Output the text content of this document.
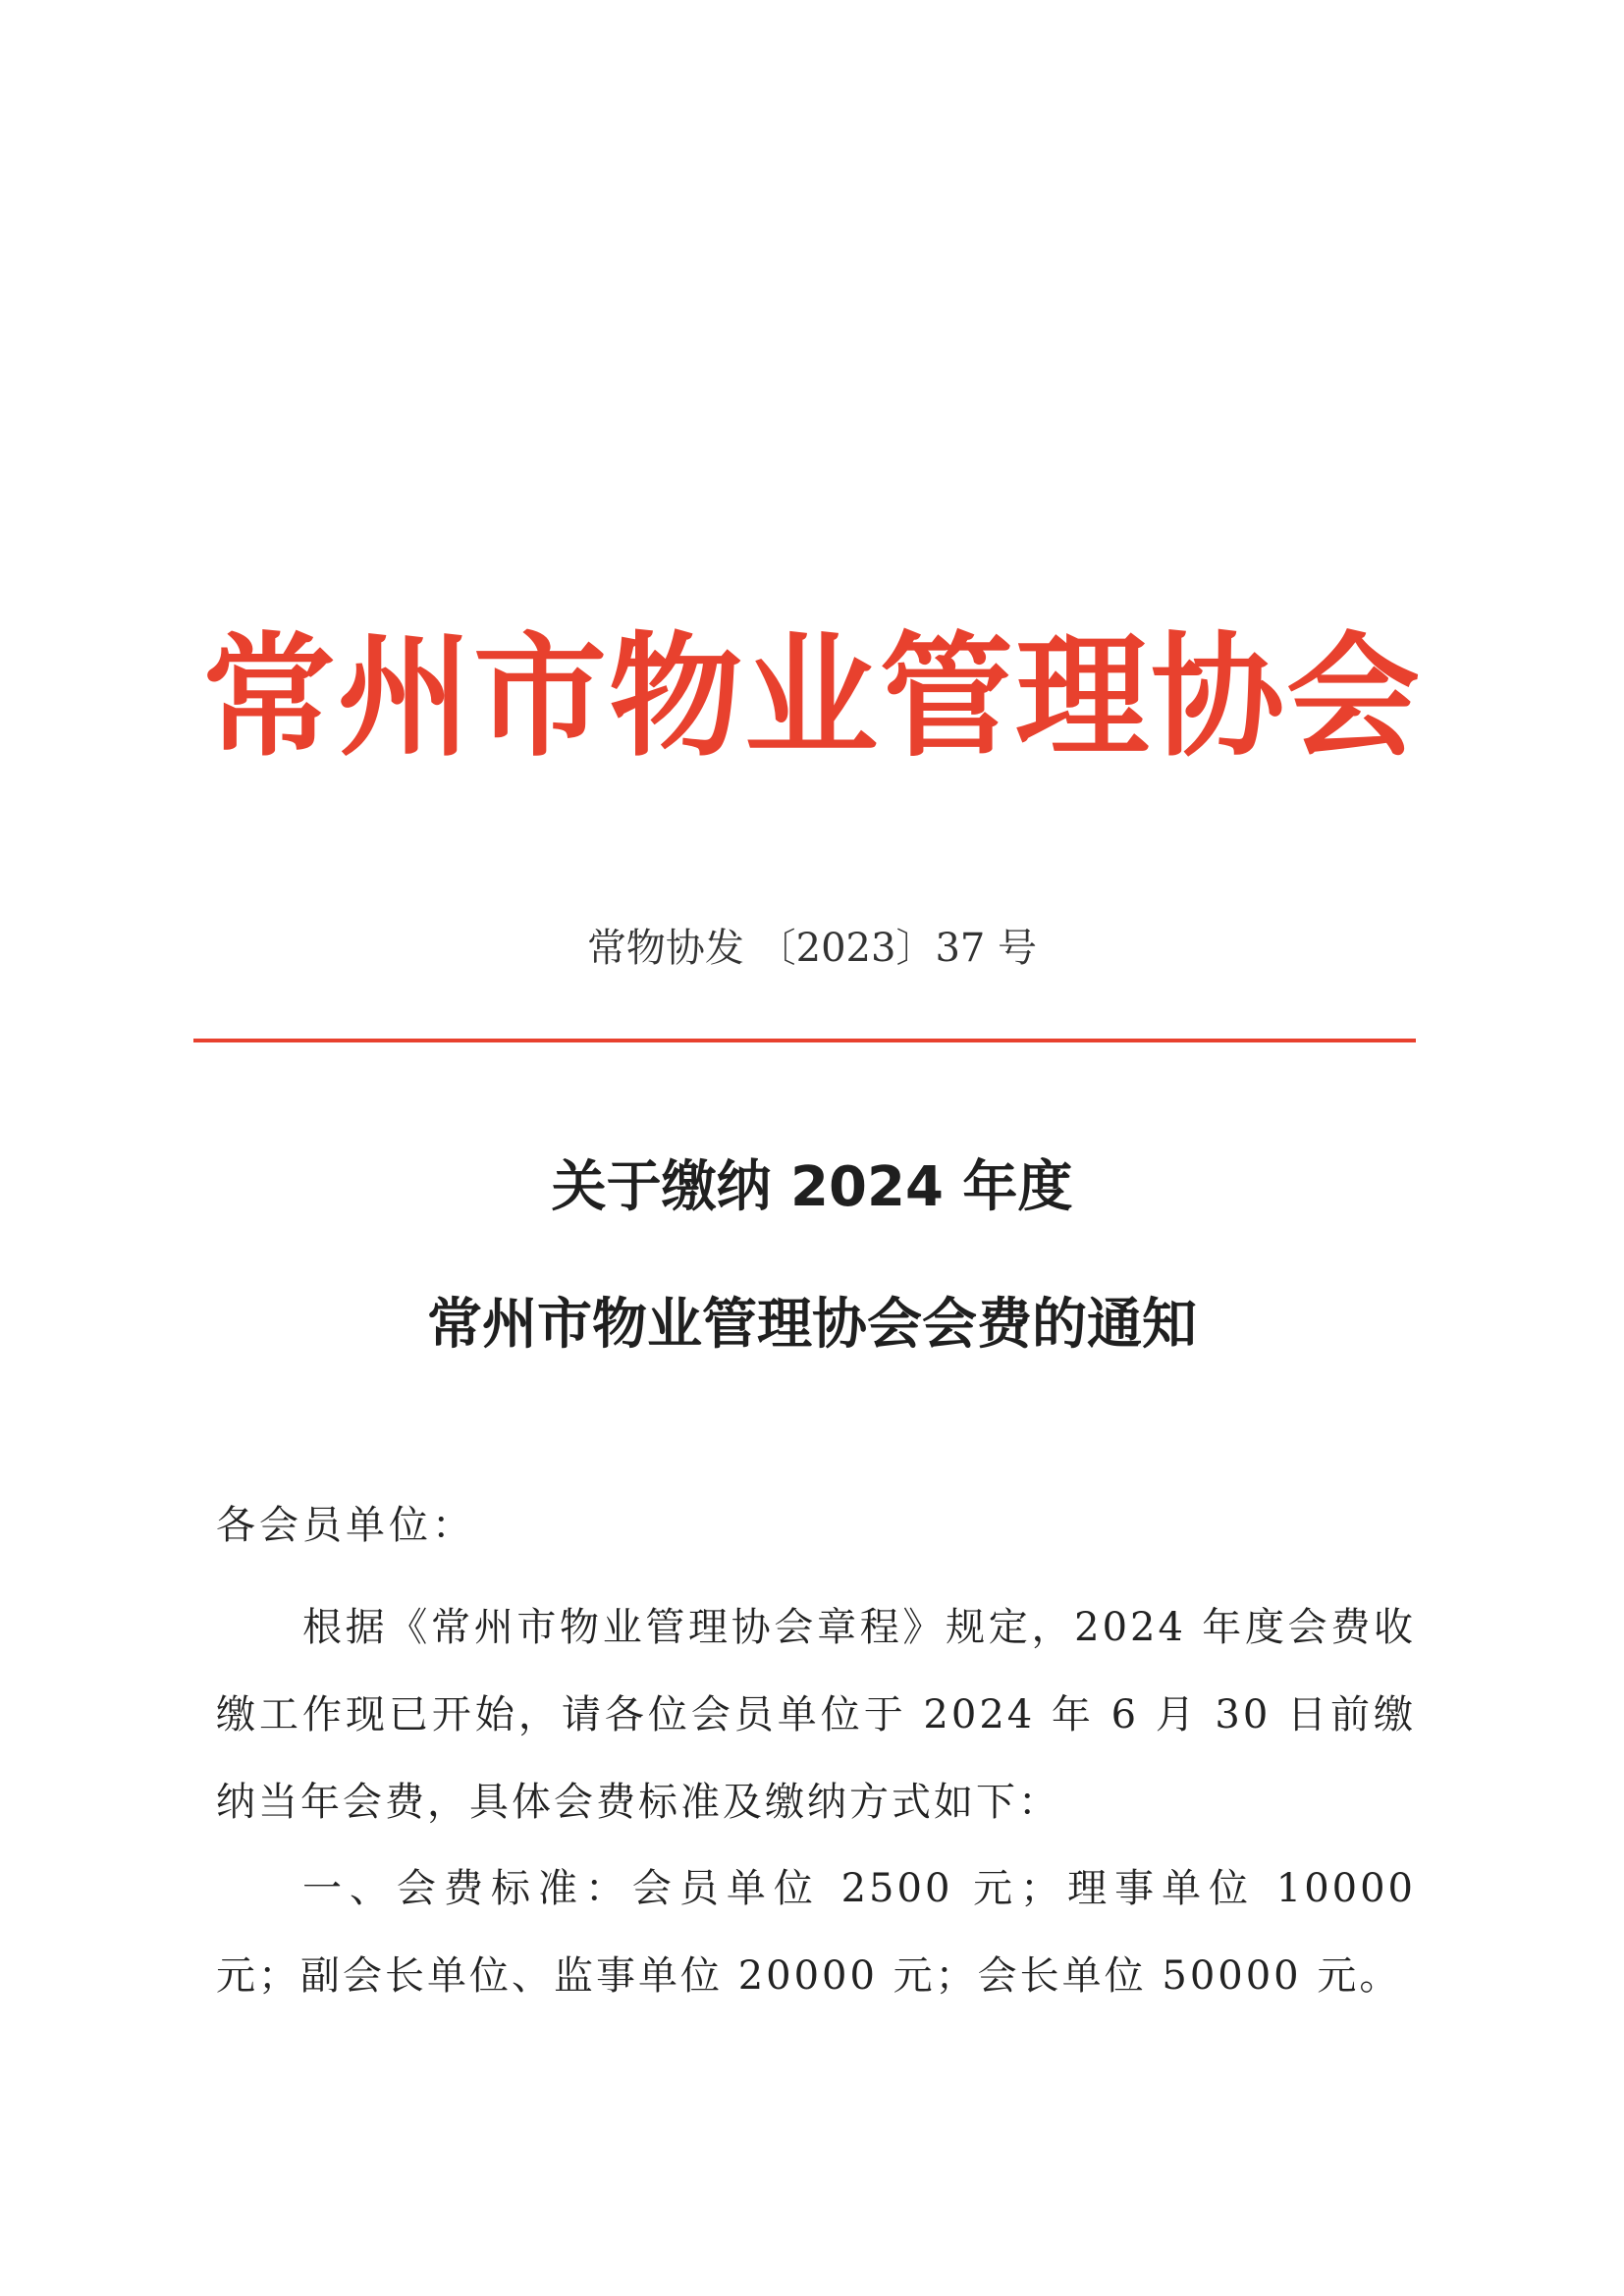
常州市物业管理协会
常物协发 〔2023〕37 号
关于缴纳 2024 年度
常州市物业管理协会会费的通知
各会员单位：

根据《常州市物业管理协会章程》规定，2024 年度会费收缴工作现已开始，请各位会员单位于 2024 年 6 月 30 日前缴纳当年会费，具体会费标准及缴纳方式如下：

一、会费标准：会员单位 2500 元；理事单位 10000 元；副会长单位、监事单位 20000 元；会长单位 50000 元。
